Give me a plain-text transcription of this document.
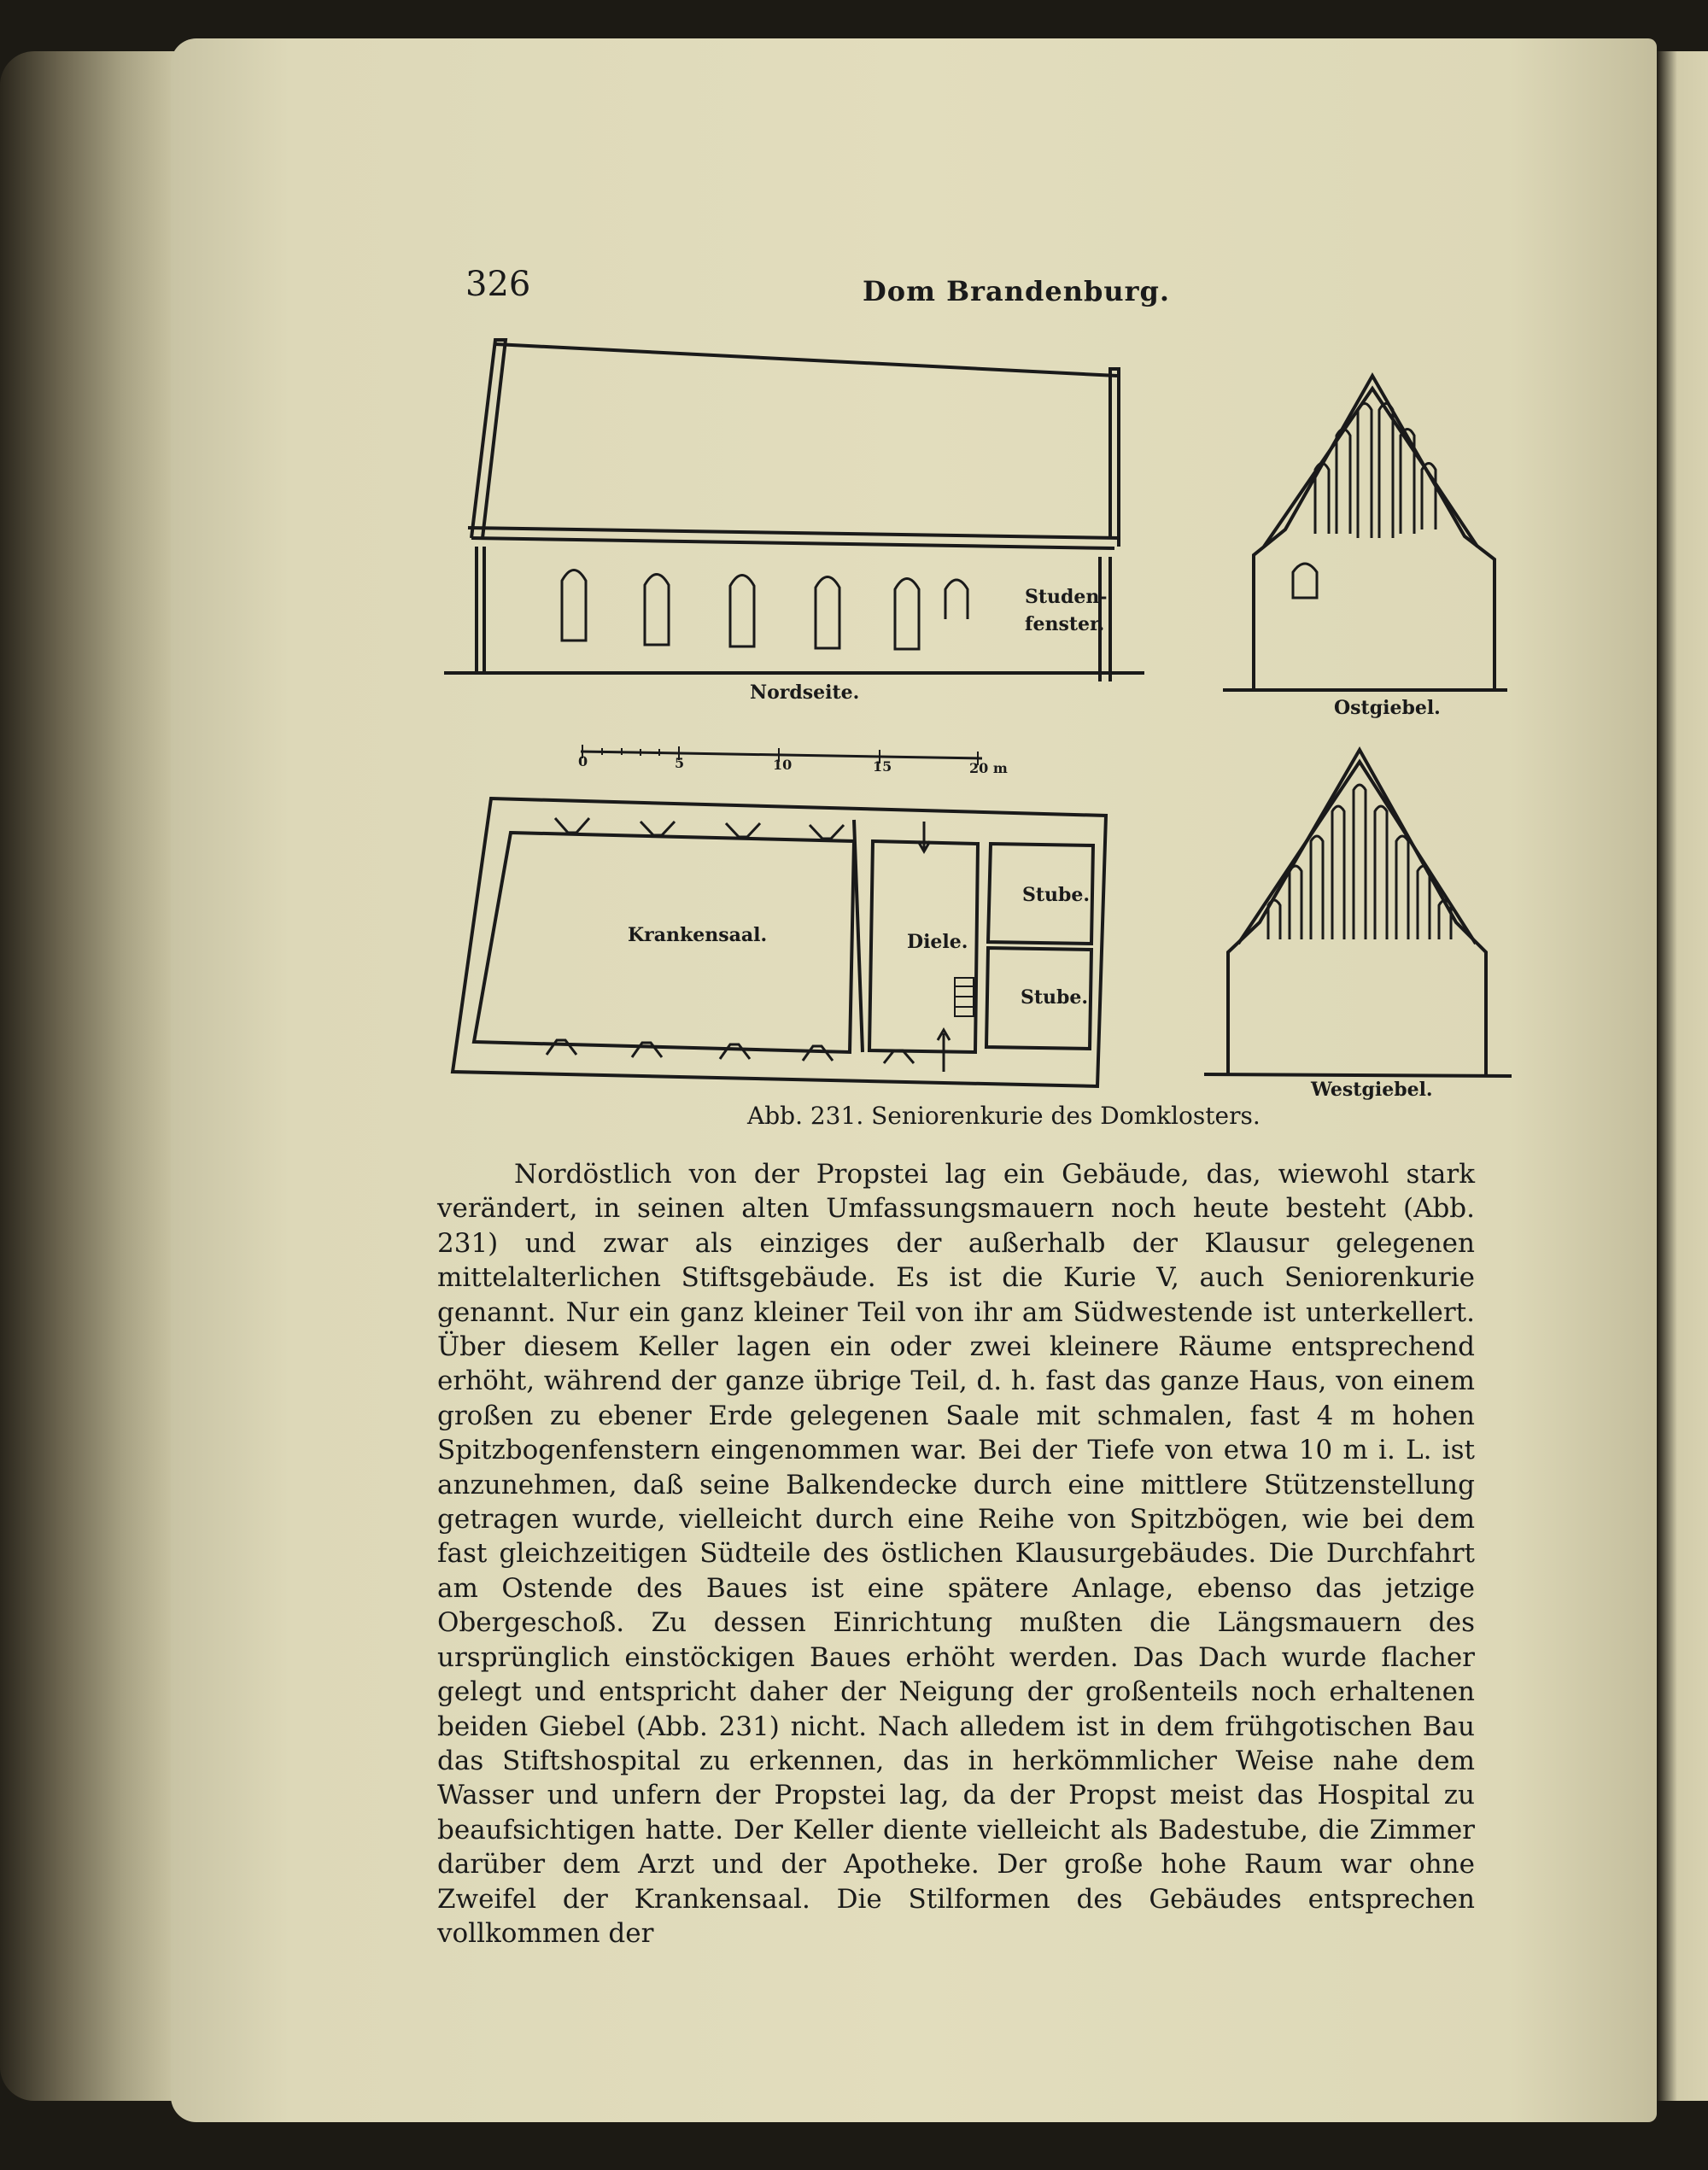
326	Dom Brandenburg.
Studen-
fenster.
Nordseite.
Ostgiebel.
Westgiebel.
Krankensaal.	Diele.
Stube.
Stube.
0	5	10	15	20 m
Abb. 231. Seniorenkurie des Domklosters.

Nordöstlich von der Propstei lag ein Gebäude, das, wiewohl stark verändert, in seinen alten Umfassungsmauern noch heute besteht (Abb. 231) und zwar als einziges der außerhalb der Klausur gelegenen mittelalterlichen Stiftsgebäude. Es ist die Kurie V, auch Seniorenkurie genannt. Nur ein ganz kleiner Teil von ihr am Südwestende ist unterkellert. Über diesem Keller lagen ein oder zwei kleinere Räume entsprechend erhöht, während der ganze übrige Teil, d. h. fast das ganze Haus, von einem großen zu ebener Erde gelegenen Saale mit schmalen, fast 4 m hohen Spitzbogenfenstern eingenommen war. Bei der Tiefe von etwa 10 m i. L. ist anzunehmen, daß seine Balkendecke durch eine mittlere Stützenstellung getragen wurde, vielleicht durch eine Reihe von Spitzbögen, wie bei dem fast gleichzeitigen Südteile des östlichen Klausurgebäudes. Die Durchfahrt am Ostende des Baues ist eine spätere Anlage, ebenso das jetzige Obergeschoß. Zu dessen Einrichtung mußten die Längsmauern des ursprünglich einstöckigen Baues erhöht werden. Das Dach wurde flacher gelegt und entspricht daher der Neigung der großenteils noch erhaltenen beiden Giebel (Abb. 231) nicht. Nach alledem ist in dem frühgotischen Bau das Stiftshospital zu erkennen, das in herkömmlicher Weise nahe dem Wasser und unfern der Propstei lag, da der Propst meist das Hospital zu beaufsichtigen hatte. Der Keller diente vielleicht als Badestube, die Zimmer darüber dem Arzt und der Apotheke. Der große hohe Raum war ohne Zweifel der Krankensaal. Die Stilformen des Gebäudes entsprechen vollkommen der
